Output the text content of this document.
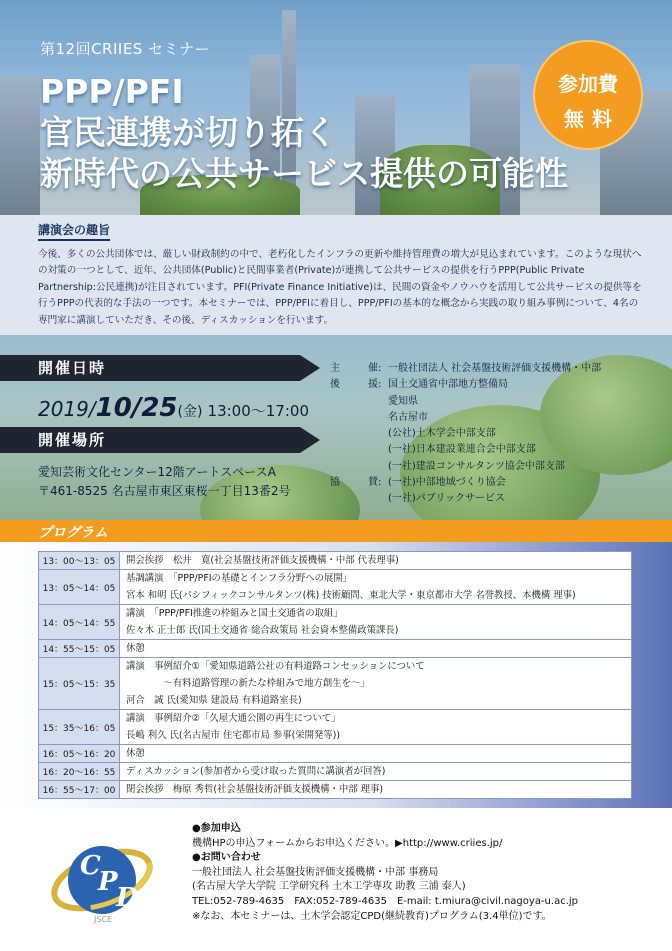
第12回CRIIES セミナー
PPP/PFI
官民連携が切り拓く
新時代の公共サービス提供の可能性
参加費
無料
講演会の趣旨

今後、多くの公共団体では、厳しい財政制約の中で、老朽化したインフラの更新や維持管理費の増大が見込まれています。このような現状への対策の一つとして、近年、公共団体(Public)と民間事業者(Private)が連携して公共サービスの提供を行うPPP(Public Private Partnership:公民連携)が注目されています。PFI(Private Finance Initiative)は、民間の資金やノウハウを活用して公共サービスの提供等を行うPPPの代表的な手法の一つです。本セミナーでは、PPP/PFIに着目し、PPP/PFIの基本的な概念から実践の取り組み事例について、4名の専門家に講演していただき、その後、ディスカッションを行います。

開催日時
2019/10/25(金) 13:00～17:00
開催場所
愛知芸術文化センター12階アートスペースA
〒461-8525 名古屋市東区東桜一丁目13番2号
主	催 : 一般社団法人 社会基盤技術評価支援機構・中部
後	援 : 国土交通省中部地方整備局
愛知県
名古屋市
(公社)土木学会中部支部
(一社)日本建設業連合会中部支部
(一社)建設コンサルタンツ協会中部支部
協	賛 : (一社)中部地域づくり協会
(一社)パブリックサービス
プログラム
13：00～13：05	開会挨拶　松井　寛(社会基盤技術評価支援機構・中部 代表理事)

13：05～14：05	基調講演　「PPP/PFIの基礎とインフラ分野への展開」
宮本 和明 氏(パシフィックコンサルタンツ(株) 技術顧問、東北大学・東京都市大学 名誉教授、本機構 理事)

14：05～14：55	講演　「PPP/PFI推進の枠組みと国土交通省の取組」
佐々木 正士郎 氏(国土交通省 総合政策局 社会資本整備政策課長)

14：55～15：05	休憩

15：05～15：35	講演　事例紹介①「愛知県道路公社の有料道路コンセッションについて
　　　　～有料道路管理の新たな枠組みで地方創生を～」
河合　誠 氏(愛知県 建設局 有料道路室長)

15：35～16：05	講演　事例紹介②「久屋大通公園の再生について」
長嶋 利久 氏(名古屋市 住宅都市局 参事(栄開発等))

16：05～16：20	休憩

16：20～16：55	ディスカッション(参加者から受け取った質問に講演者が回答)

16：55～17：00	閉会挨拶　梅原 秀哲(社会基盤技術評価支援機構・中部 理事)
C
P
D
JSCE
●参加申込
機構HPの申込フォームからお申込ください。▶http://www.criies.jp/
●お問い合わせ
一般社団法人 社会基盤技術評価支援機構・中部 事務局
(名古屋大学大学院 工学研究科 土木工学専攻 助教 三浦 泰人)
TEL:052-789-4635　FAX:052-789-4635　E-mail: t.miura@civil.nagoya-u.ac.jp
※なお、本セミナーは、土木学会認定CPD(継続教育)プログラム(3.4単位)です。
